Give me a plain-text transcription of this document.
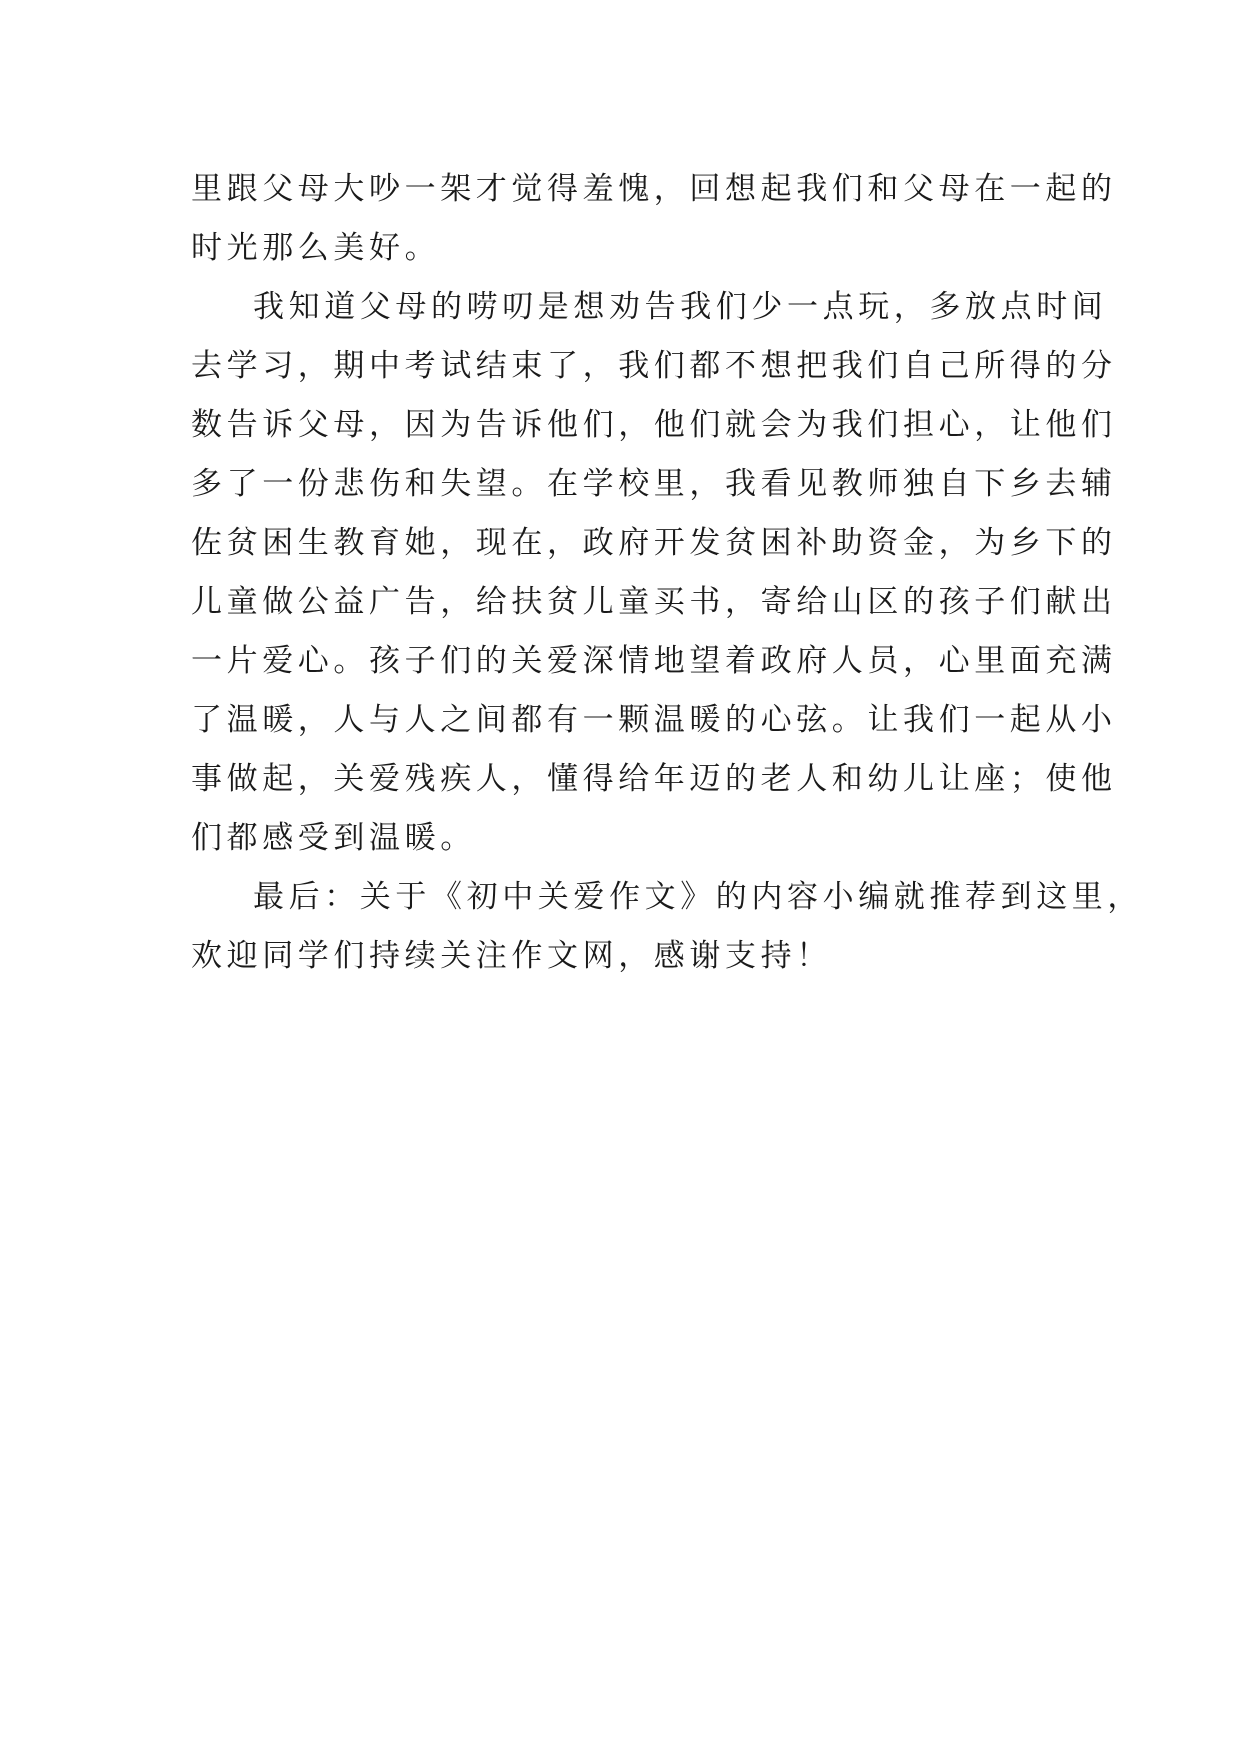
里跟父母大吵一架才觉得羞愧，回想起我们和父母在一起的
时光那么美好。

我知道父母的唠叨是想劝告我们少一点玩，多放点时间
去学习，期中考试结束了，我们都不想把我们自己所得的分
数告诉父母，因为告诉他们，他们就会为我们担心，让他们
多了一份悲伤和失望。在学校里，我看见教师独自下乡去辅
佐贫困生教育她，现在，政府开发贫困补助资金，为乡下的
儿童做公益广告，给扶贫儿童买书，寄给山区的孩子们献出
一片爱心。孩子们的关爱深情地望着政府人员，心里面充满
了温暖，人与人之间都有一颗温暖的心弦。让我们一起从小
事做起，关爱残疾人，懂得给年迈的老人和幼儿让座；使他
们都感受到温暖。

最后：关于《初中关爱作文》的内容小编就推荐到这里，
欢迎同学们持续关注作文网，感谢支持！
